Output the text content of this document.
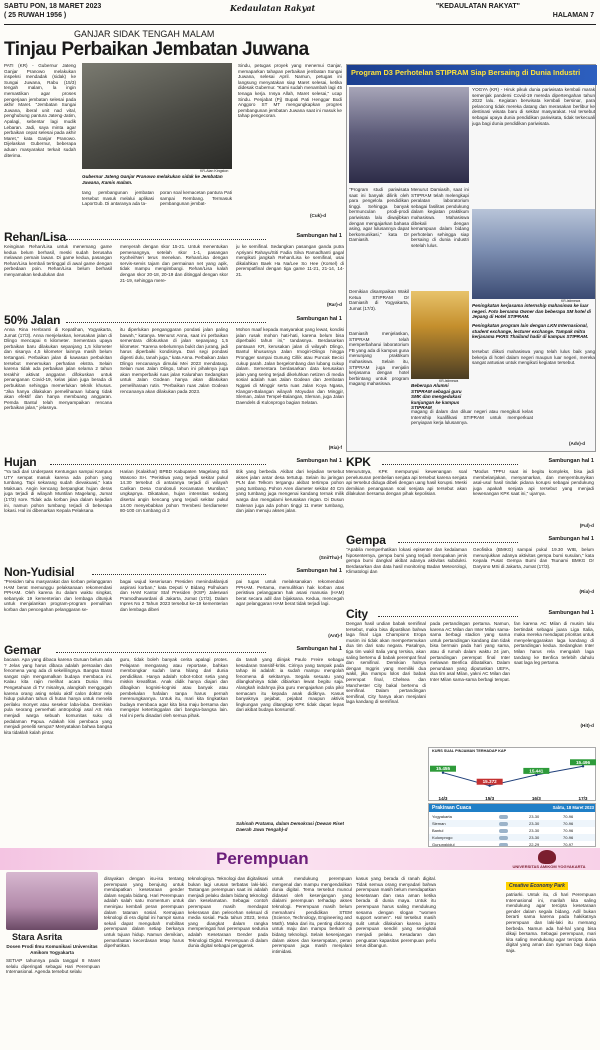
SABTU PON, 18 MARET 2023
( 25 RUWAH 1956 )
Kedaulatan Rakyat	"KEDAULATAN RAKYAT"
HALAMAN 7
GANJAR SIDAK TENGAH MALAM
Tinjau Perbaikan Jembatan Juwana
PATI (KR) - Gubernur Jateng Ganjar Pranowo melakukan inspeksi mendadak (sidak) ke Sungai Juwana, Rabu (15/3) tengah malam, la ingin memastikan agar proses pengerjaan jembatan selesai pada akhir Maret. "Jembatan Sungai Juwana, iberal unit nad vital, penghubung pantura Jateng-Jatim, Apalagi, sebentar lagi mudik Lebaran. Jadi, saya minta agar perbaikan cepat selesai pada akhir Maret," kata Ganjar Pranowo. Dijelaskan Gubernur, beberapa aduan masyarakat terkait sudah diterima.
KR-Alan Kingston
Gubernur Jateng Ganjar Pranowo melakukan sidak ke Jembatan Juwana, Kamis malam.
tang pembangunan jembatan tersebut masuk melalui aplikasi LaporGub. Di antaranya ada ta-
poran soal kemacetan pantura Pati sampai Rembang. Termasuk pembangunan jembat-
Sindu, petugas proyek yang menemui Ganjar, memaparkan tahapan perbaikan jembatan Sungai Juwana, selesai April. Namun, petugas ini langsung menyatakan siap Maret selesai, ketika didesak Gubernur. "Kami sudah menambah lagi 45 tenaga kerja. Insya Allah, Maret selesai," ucap Sindu. Penjabat (Pj) Bupati Pati Henggar Budi Anggoro ST MT mengungkapkan progres pembangunan jembatan Juwana saat ini masuk ke tahap pengecoran.
(Cuk)-d
Program D3 Perhotelan STIPRAM Siap Bersaing di Dunia Industri
YOGYA (KR) - Hiruk pikuk dunia pariwisata kembali marak semenjak pandemi Covid-19 mereda dipertengahan tahun 2022 lalu. Kegiatan berwisata kembali bersinar, para pelancong tidak mereka datang dan merasakan berlibur ke destinasi wisata baru di sekitar masyarakat. Hal tersebut sebagai upaya dunia pendidikan pariwisata, tidak terkecuali juga bagi dunia pendidikan pariwisata.
KR-Istimewa
Peningkatan kerjasama internship mahasiswa ke luar negeri. Foto bersama Owner dan beberapa SM hotel di Jepang di Hotel STIPRAM.
"Program studi pariwisata saat ini banyak dilirik oleh para pengelola pendidikan tinggi. Sehingga banyak bermunculan prodi-prodi pariwisata lalu diwajibkan dengan mengajarkan bahasa asing, agar lulusannya dapat berkomunikasi," kata Dr Damiasih.
Menurut Damiasih, saat ini STIPRAM telah melengkapi peralatan laboratorium sebagai fasilitas pendukung dalam kegiatan praktikum mahasiswa. Mahasiswa dibekali dengan kemampuan dalam bidang perhotelan sehingga siap bersaing di dunia industri setelah lulus.
Peningkatan program lain dengan LKN Internasional, student exchange, lecturer exchange. Tampak mitra kerjasama PKRS Thailand hadir di kampus STIPRAM.
Demikian disampaikan Wakil Ketua STIPRAM Dr Damiasih di Yogyakarta, Jumat (17/3).
Damiasih menjelaskan, STIPRAM telah memperbaharui laboratorium FB yang ada di kampus guna menunjang praktikum mahasiswa. Selain itu, STIPRAM juga menjalin kerjasama dengan hotel berbintang untuk program magang mahasiswa.
KR-Istimewa
Beberapa Alumni STIPRAM sebagai guru SMK dan mengedukasi kunjungan ke kampus STIPRAM
tersebut diikuti mahasiswa yang telah lulus baik yang bekerja di hotel dalam negeri maupun luar negeri, mereka sangat antusias untuk mengikuti kegiatan tersebut.
magang di dalam dan diluar negeri atau mengikuti kelas Internship kualifikasi STIPRAM untuk memperkuat penyiapan kerja lulusannya.
(Adv)-d
Rehan/Lisa	Sambungan hal 1
Keinginan Rehan/Lisa untuk menemang game kedua belum berhasil, meski sudah berusaha melawan pemain lawan. Di game kedua, pasangan Rehan/Lisa kembali tertinggal di awal game dengan perbedaan poin. Rehan/Lisa belum berhasil menyamakan kedudukan dan
menyerah dengan skor 15-21. Untuk menentukan pemenangnya, setelah skor 1-1, pasangan Kyohei/Neri terus menekan. Rehan/Lisa dengan servis-servis tajam dan permainan net yang apik, tidak mampu mengimbangi. Rehan/Lisa kalah dengan skor 20-18, 20-19 dan ditinggal dengan skor 21-19, sehingga mere-
ju ke semifinal. Sedangkan pasangan ganda putra Apriyani Rahayu/Siti Fadia Silva Ramadhanti gagal mengikuti jangkah Rehan/Lisa ke semifinal, usai dikalahkan Baek Ha Na/Lee So Hee (Korsel) di perempatfinal dengan tiga game 11-21, 21-14, 14-21.
(Rar)-d
50% Jalan	Sambungan hal 1
Anna Rina Herbranti di Kepatihan, Yogyakarta, Jumat (17/3). Anna menjelaskan, kerusakan jalan di Dlingo mencapai 6 kilometer. Sementara upaya perbaikan baru dilakukan sepanjang 1,5 kilometer dan sisanya 4,5 kilometer lainnya masih belum tertangani. Perbaikan jalan di kawasan perbukitan tersebut menemukan perhatian ekstra. Selain karena tidak ada perbaikan jalan selama 2 tahun terakhir aktivat anggaran difokuskan untuk penanganan Covid-19, kelas jalan juga berada di perbukitan sehingga memerlukan teknik khusus. "Jika hanya dilakukan pemeliharaan lubang tidak akan efektif dan hanya membuang anggaran. Pemda Bantul telah menyampaikan rencana perbaikan jalan," jelasnya.
itu diperlukan penganggaran pondasi jalan paling bawah," katanya. Menurut Anna, saat ini perbaikan sementara difokuskan di jalan sepanjang 1,5 kilometer. "Karena sebelumnya bukit dan jurang, jadi harus diperbaiki kondisinya. Dari segi pondasi digenti dulu, tanah juga," kata Anna. Perbaikan Jalan Dlingo rencananya dimulai Mei 2023 mendatang. Selain ruas Jalan Dlingo, tahun ini pihaknya juga akan memperbaiki ruas jalan Kalurahan Sedangkan untuk Jalan Godean hanya akan dilakukan pemeliharaan rutin. "Perbaikan ruas Jalan Godean rencananya akan dilakukan pada 2023.
Mohon maaf kepada masyarakat yang lewat, kondisi jalan rusak mohon hati-hati, karena belum bisa diperbaiki tahun ini," tandasnya. Berdasarkan pantauan KR, kerusakan jalan di wilayah Dlingo, Bantul khususnya Jalan Imogiri-Dlingo hingga Prongger sampai Gunung Cillik atau Puncak Becici cukup parah. Jalan bergelombang dan lubang cukup dalam. Sementara berdasarkan data kerusakan jalan yang sering terjadi dikeluhkan netizen di media sosial adalah ruas Jalan Godean dan Jembatan Nggasi di Minggir serta ruas Jalan Koya Ngasa, Klangon-Balangan wilayah Moyudan dan Minggir, Sleman, Jalan Tempel-Balangan, Sleman, juga Jalan Daendels di Kulonprogo bagian Selatan.
(Ria)-f
Hujan	Sambungan hal 1
"Ya tadi dari Underpass Kentungan sampai Kampus UTY sempat masuk karena ada pohon yang tumbang. Tapi sekarang sudah dievakuasi," kata Makruan. Angin kencang berpangkat hujan deras juga terjadi di wilayah Muntilan Magelang, Jumat (17/3) sore. Tidak ada korban jiwa dalam kejadian ini, namun pohon tumbang terjadi di beberapa lokasi. Hal ini dibenarkan Kepala Pelaksana
Harian (Kalakhar) BPBD Kabupaten Magelang Edi Wasono SH. "Peristiwa yang terjadi sekitar pukul 14.30 tersebut di antaranya terjadi di wilayah Carikan Desa Gondosuli Kecamatan Muntilan," ungkapnya. Dikatakan, hujan intensitas sedang disertai angin kencang yang terjadi sekitar pukul 14.00 menyebabkan pohon Trembesi berdiameter 80-100 cm tumbang di 3
titik yang berbeda. Akibat dari kejadian tersebut akses jalan antar desa tertutup. Selain itu jaringan PLN dan Telkom tergangu akibat tertimpa pohon yang tumbang. Pohon Aren diameter sekitar 40 Cm yang tumbang juga mengenai kandang ternak milik warga dan mengalami kerusakan ringan. Di Dusun Dalenan juga ada pohon tinggi 11 meter tumbang, dan jalan menuju akses jalan.
(Sni/Tha)-f
Non-Yudisial	Sambungan hal 1
"Presiden tahu masyarakat dan korban pelanggaran HAM berat memunggu pelaksanaan rekomendasi PPHAM. Oleh karena itu dalam waktu singkat, sebanyak 19 kementerian dan lembaga ditunjuk untuk menjalankan program-program pemulihan korban dan pencegahan pelanggaran se-
bagai wujud keseriusan Presiden menindaklanjuti aspirasi korban," kata Deputi V Bidang Polhukam dan HAM Kantor Staf Presiden (KSP) Jaleswari Pramodhawardani di Jakarta, Jumat (17/3). Dalam Inpres No 2 Tahun 2023 tersebut ke-19 kementerian dan lembaga diberi
pai tugas untuk melaksanakan rekomendasi PPHAM. Pertama, memulihkan hak korban atas peristiwa pelanggaran hak asasi manusia (HAM) berat secara adil dan bijaksana. Kedua, mencegah agar pelanggaran HAM berat tidak terjadi lagi.
(Ant)-f
Gemar	Sambungan hal 1
bacaan. Apa yang dibaca karena Guruan belum ada ? Jelas yang harus dibaca adalah persoalan dan fenomena yang ada di sekelilingnya. Bangsa Barat sangat rajin mengamalkan budaya membaca ini. Kalau kita rajin melihat acara Dunia Ilmu Pengetahuan di TV misalnya, alangkah menggugah karena orang asing selalu aktif calon doktor rela hidup puluhan tahun di hutan hanya untuk meneliti perilaku monyet atau sesekor laba-laba. Demikian pula seorang pemerhati antropologi asal AS rela menjadi warga sebuah komunitas suku di pedalaman Papua. Adakah kini pembaca yang menjadi peneliti serupa? Menyatakan bahwa bangsa kita tidaklah kalah pintar.
guru, tidak boleh banyak cerita apalagi protes. Pelajaran mengarang atau reportase, bahkan membongkar sudah lama hilang dari dunia pendidikan. Hanya adalah robot-robot setia yang miskin kreatifitas. Anak didik hanya diajari dan dibagikan kognisi-kognisi atau banyak atau pembekalan hafalan tanpa harus pernah merenungkannya. Untuk itu, mari kita tingkatkan budaya membaca agar kita bisa maju bersama dan mengejar ketertinggalan dari bangsa-bangsa lain. Hal ini perlu disadari oleh semua pihak.
da tanah yang diinjak Paulo Freire sebagai kesadaran transitif-kritis. Cirinya yang tampak pada tahap ini adalah: ia sudah mampu mengolah fenomena di sekitarnya. Segala sesuatu yang dilangkahinya tidak dibiarkan lewat begitu saja. Alangkah indahnya jika guru mengajarkan pola pikir semacam itu kepada anak didiknya. Kasus banyaknya pejabat, pejabat maupun aktivis lingkungan yang ditangkap KPK tidak dapat lepas dari akibat budaya konsumtif.
Sahinah Pratama, dalam Demokrasi (Dewan Riset Daerah Jawa Tengah)-d
KPK	Sambungan hal 1
Menurutnya, KPK mempunyai kewenangan soal penelusuran pembelian senjata api tersebut karena senjata api tersebut diduga dibeli dengan uang hasil korupsi. Meski demikian penanganan soal senjata api tersebut akan dilakukan bersama dengan pihak kepolisian.
"Modus TPPU saat ini begitu kompleks, bisa jadi membelanjakan, menyamarkan, dan menyembunyikan asal-usul hasil tindak pidana korupsi sebagai pendukung juga apakah senjata api tersebut yang menjadi kewenangan KPK saat ini," ujarnya.
(Ful)-d
Gempa	Sambungan hal 1
"Apabila memperhatikan lokasi episenter dan kedalaman hiposenternya, gempa bumi yang terjadi merupakan jenis gempa bumi dangkal akibat adanya aktivitas subduksi. Berdasarkan dan data hasil monitoring Badan Meteorologi, Klimatologi dan
Geofisika (BMKG) sampai pukul 19.30 WIB, belum menunjukkan adanya aktivitas gempa bumi susulan," kata Kepala Pusat Gempa Bumi dan Tsunami BMKG Dr Daryono MSi di Jakarta, Jumat (17/3).
(Ria)-d
City	Sambungan hal 1
Dengan hasil undian babak semifinal tersebut, maka bisa dipastikan bahwa laga final Liga Champions Eropa musim ini tidak akan mempertemukan dua tim dari satu negara. Pasalnya, tiga tim wakil Italia yang tersisa, akan saling bertemu di babak perempat final dan semifinal. Demikian halnya dengan Inggris yang memiliki dua wakil, jika mampu lolos dari babak perempat final, Chelsea dan Manchester City bakal bertemu di semifinal. Dalam pertandingan semifinal, City hanya akan menjalani laga kandang di semifinal.
pada pertandingan pertama. Namun, karena AC Milan dan Inter Milan sama-sama berbagi stadion yang sama untuk pertandingan kandang dan tidak bisa bermain pada hari yang sama, atau di rumah dalam waktu 24 jam, pertandingan perempat final Inter melawan Benfica dibatalkan. Dalam penundaan yang diputuskan UEFA, dua tim asal Milan, yakni AC Milan dan Inter Milan sama-sama berbagi tempat.
fan karena AC Milan di musim lalu bertindak sebagai juara Liga Italia, maka mereka mendapat prioritas untuk menyelenggarakan laga kandang di pertandingan kedua. Sedangkan Inter Milan harus rela mengalah laga tandang ke Benfica terlebih dahulu saat laga leg pertama.
(Hit)-d
KURS SUAL PINJAMAN TERHADAP KAP
15.455
14/3
15.372
15/3
15.441
16/3
15.496
17/3
Prakiraan Cuaca	Sabtu, 18 Maret 2023
Yogyakarta	23-30	70-96
Sleman	23-30	70-96
Bantul	23-30	70-96
Kulonprogo	23-30	70-96
Gunungkidul	22-29	70-97
Perempuan	UNIVERSITAS AMIKOM YOGYAKARTA
Creative Economy Park
Stara Asrita
Dosen Prodi Ilmu Komunikasi Universitas Amikom Yogyakarta
SETIAP tahunnya pada tanggal 8 Maret selalu diperingati sebagai Hari Perempuan Internasional. Agenda tersebut selalu
dirayakan dengan isu-isu tentang perempuan yang berujung untuk mendapatkan kesetaraan gender dalam segala bidang. Hari Perempuan adalah salah satu momentum untuk meninjau kembali peran perempuan dalam tatanan sosial. Kemajuan teknologi di era digital ini hampir sama sekali dapat mengubah mobilitas perempuan dalam setiap berkarya untuk tujuan hidup. Namun demikian, pemanfaatan kecerdasan tetap harus diperhatikan.
teknologinya. Teknologi dan digitalisasi bukan lagi urusan terbatas laki-laki. Tantangan perempuan saat ini adalah menjadi pelaku dalam bidang teknologi dan keselamatan. Sebagai contoh perempuan masih mendapat kekerasan dan pelecehan seksual di media sosial. Pada tahun 2023, tema yang diangkat dalam rangka memperingati hari perempuan sedunia adalah Kesetaraan Gender pada Teknologi Digital. Perempuan di dalam dunia digital sebagai penggerak.
untuk mendukung perempuan mengenal dan mampu mengendalikan dunia digital. Tema tersebut muncul didasari oleh kesenjangan yang dialami perempuan terhadap akses teknologi. Perempuan masih belum memahami pendidikan STEM (Science, Technology, Engineering and Math). Maka dari itu, penting didorong untuk maju dan mampu berkarir di bidang teknologi. Selain kesenjangan dalam akses dan kesempatan, peran perempuan juga masih menjalani intimidasi.
kasus yang berada di ranah digital. Tidak semua orang menyadari bahwa perempuan masih belum mendapatkan kesetaraan dan rasa aman ketika berada di dunia maya. Untuk itu perempuan harus saling mendukung sesama dengan slogan "women support women". Hal tersebut masih sulit untuk dilakukan karena justru perempuan sendiri yang seringkali menjadi pelaku. Kesadaran dan penguatan kapasitas perempuan perlu terus dibangun.
patriarki. Untuk itu, di hari Perempuan Internasional ini, marilah kita saling mendukung agar tercipta kesetaraan gender dalam segala bidang. Adil bukan berarti sama karena pada hakikatnya perempuan dan laki-laki itu memang berbeda. Namun ada hal-hal yang bisa dikaji bersama. Sebagai perempuan, mari kita saling mendukung agar tercipta dunia digital yang aman dan nyaman bagi siapa saja.
